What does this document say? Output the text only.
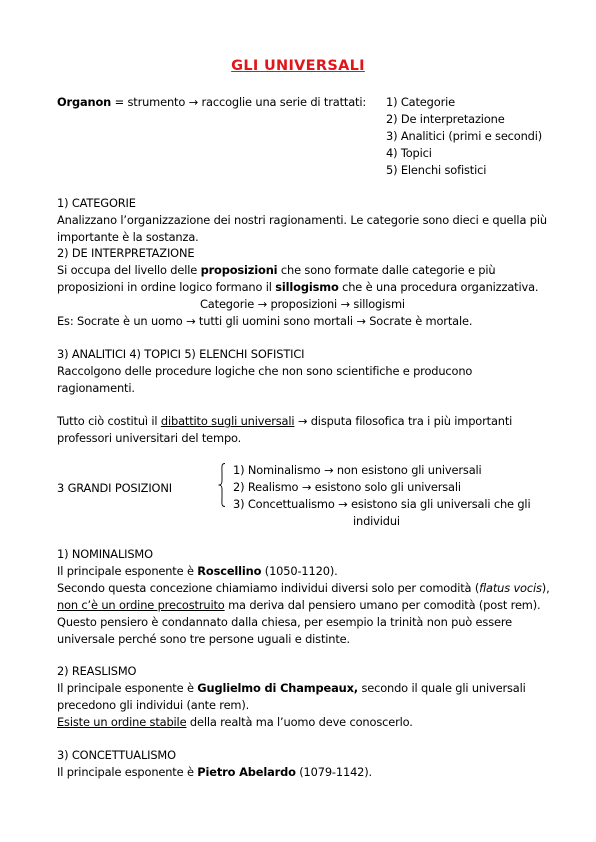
GLI UNIVERSALI
Organon = strumento → raccoglie una serie di trattati: 1) Categorie
2) De interpretazione
3) Analitici (primi e secondi)
4) Topici
5) Elenchi sofistici
1) CATEGORIE
Analizzano l’organizzazione dei nostri ragionamenti. Le categorie sono dieci e quella più
importante è la sostanza.
2) DE INTERPRETAZIONE
Si occupa del livello delle proposizioni che sono formate dalle categorie e più
proposizioni in ordine logico formano il sillogismo che è una procedura organizzativa.
Categorie → proposizioni → sillogismi
Es: Socrate è un uomo → tutti gli uomini sono mortali → Socrate è mortale.
3) ANALITICI 4) TOPICI 5) ELENCHI SOFISTICI
Raccolgono delle procedure logiche che non sono scientifiche e producono
ragionamenti.
Tutto ciò costituì il dibattito sugli universali → disputa filosofica tra i più importanti
professori universitari del tempo.
3 GRANDI POSIZIONI
1) Nominalismo → non esistono gli universali
2) Realismo → esistono solo gli universali
3) Concettualismo → esistono sia gli universali che gli
individui
1) NOMINALISMO
Il principale esponente è Roscellino (1050-1120).
Secondo questa concezione chiamiamo individui diversi solo per comodità (flatus vocis),
non c’è un ordine precostruito ma deriva dal pensiero umano per comodità (post rem).
Questo pensiero è condannato dalla chiesa, per esempio la trinità non può essere
universale perché sono tre persone uguali e distinte.
2) REASLISMO
Il principale esponente è Guglielmo di Champeaux, secondo il quale gli universali
precedono gli individui (ante rem).
Esiste un ordine stabile della realtà ma l’uomo deve conoscerlo.
3) CONCETTUALISMO
Il principale esponente è Pietro Abelardo (1079-1142).
